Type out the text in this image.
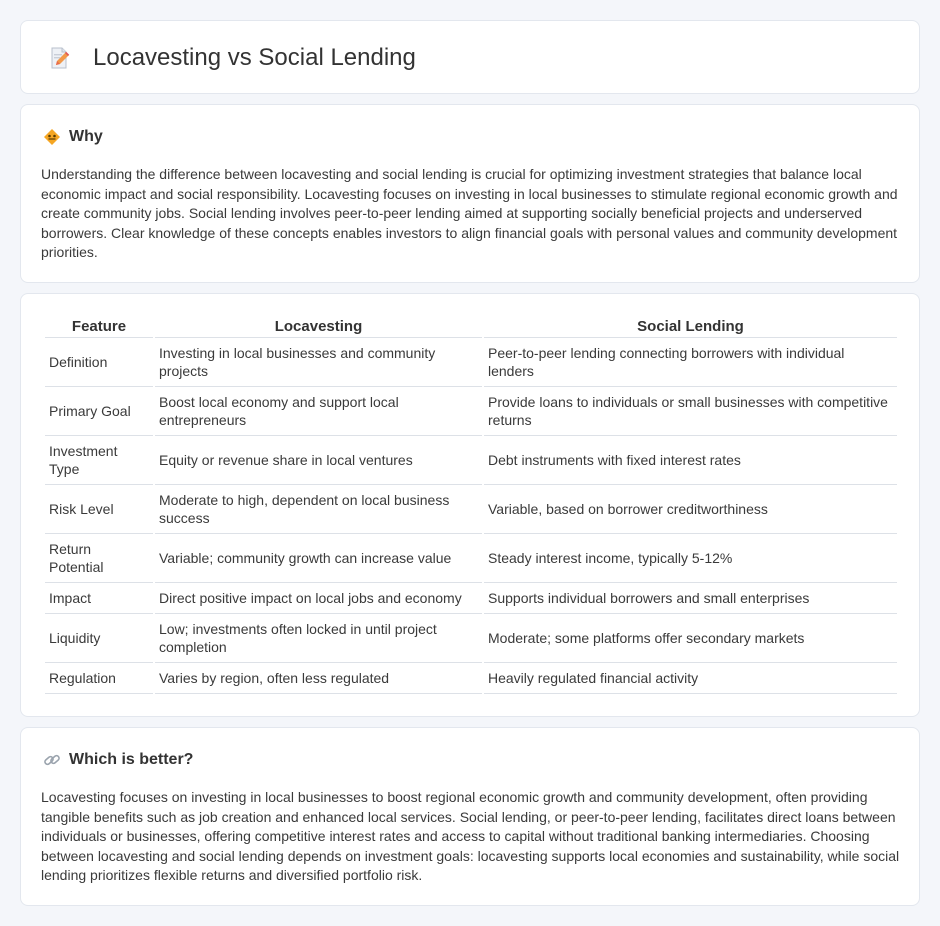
Locavesting vs Social Lending
Why

Understanding the difference between locavesting and social lending is crucial for optimizing investment strategies that balance local economic impact and social responsibility. Locavesting focuses on investing in local businesses to stimulate regional economic growth and create community jobs. Social lending involves peer-to-peer lending aimed at supporting socially beneficial projects and underserved borrowers. Clear knowledge of these concepts enables investors to align financial goals with personal values and community development priorities.

Feature	Locavesting	Social Lending
Definition	Investing in local businesses and community projects	Peer-to-peer lending connecting borrowers with individual lenders
Primary Goal	Boost local economy and support local entrepreneurs	Provide loans to individuals or small businesses with competitive returns
Investment Type	Equity or revenue share in local ventures	Debt instruments with fixed interest rates
Risk Level	Moderate to high, dependent on local business success	Variable, based on borrower creditworthiness
Return Potential	Variable; community growth can increase value	Steady interest income, typically 5-12%
Impact	Direct positive impact on local jobs and economy	Supports individual borrowers and small enterprises
Liquidity	Low; investments often locked in until project completion	Moderate; some platforms offer secondary markets
Regulation	Varies by region, often less regulated	Heavily regulated financial activity
Which is better?

Locavesting focuses on investing in local businesses to boost regional economic growth and community development, often providing tangible benefits such as job creation and enhanced local services. Social lending, or peer-to-peer lending, facilitates direct loans between individuals or businesses, offering competitive interest rates and access to capital without traditional banking intermediaries. Choosing between locavesting and social lending depends on investment goals: locavesting supports local economies and sustainability, while social lending prioritizes flexible returns and diversified portfolio risk.
